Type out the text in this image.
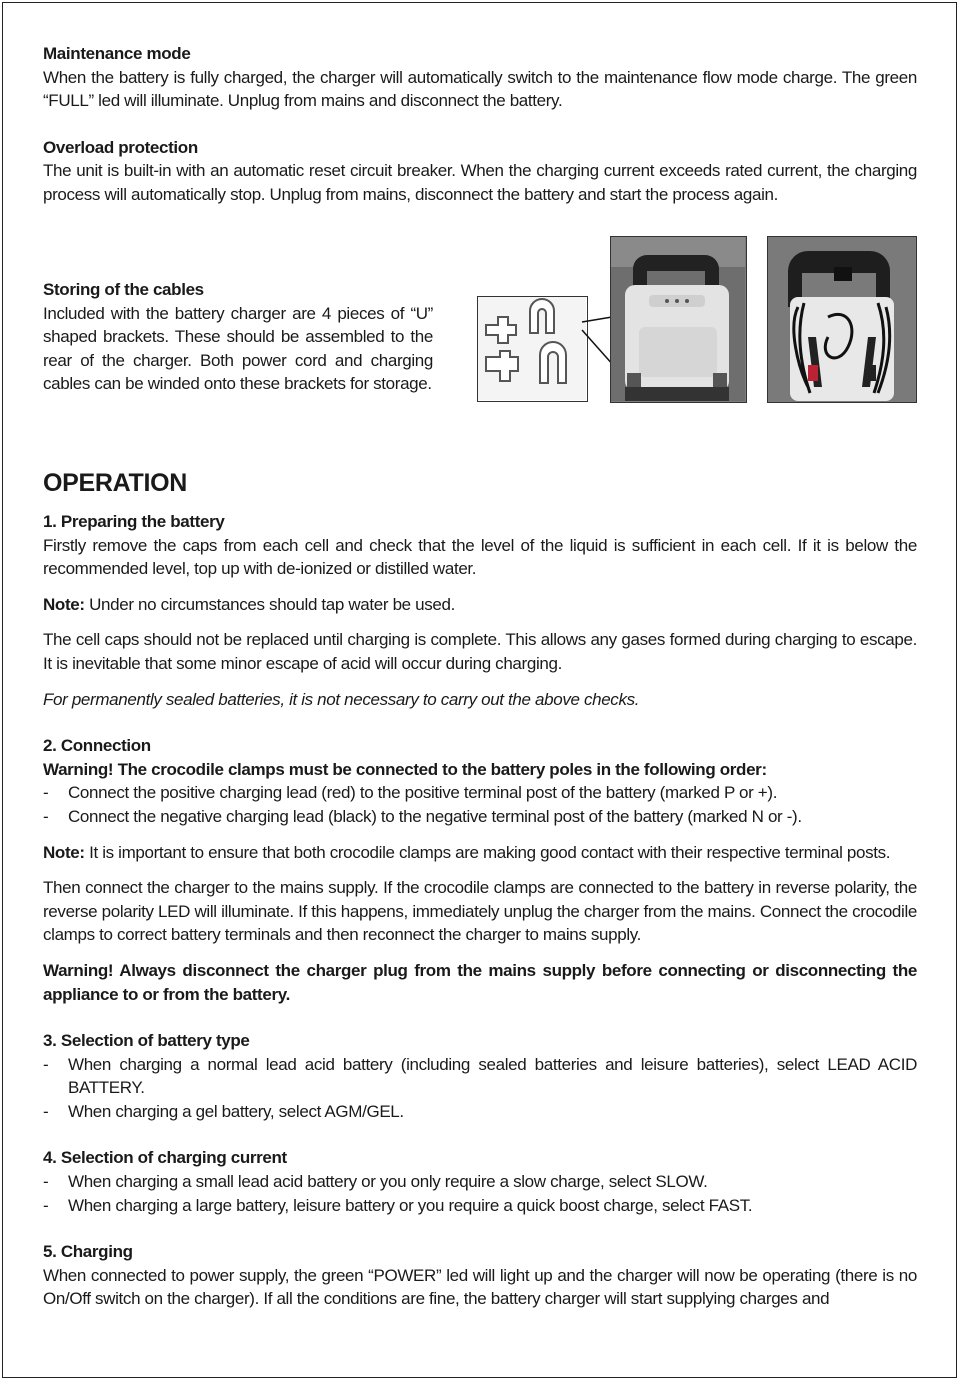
Maintenance mode

When the battery is fully charged, the charger will automatically switch to the maintenance flow mode charge. The green “FULL” led will illuminate. Unplug from mains and disconnect the battery.

Overload protection

The unit is built-in with an automatic reset circuit breaker. When the charging current exceeds rated current, the charging process will automatically stop. Unplug from mains, disconnect the battery and start the process again.

Storing of the cables

Included with the battery charger are 4 pieces of “U” shaped brackets. These should be assembled to the rear of the charger. Both power cord and charging cables can be winded onto these brackets for storage.

OPERATION
1. Preparing the battery

Firstly remove the caps from each cell and check that the level of the liquid is sufficient in each cell. If it is below the recommended level, top up with de-ionized or distilled water.

Note: Under no circumstances should tap water be used.

The cell caps should not be replaced until charging is complete. This allows any gases formed during charging to escape. It is inevitable that some minor escape of acid will occur during charging.

For permanently sealed batteries, it is not necessary to carry out the above checks.

2. Connection

Warning! The crocodile clamps must be connected to the battery poles in the following order:

- Connect the positive charging lead (red) to the positive terminal post of the battery (marked P or +).
- Connect the negative charging lead (black) to the negative terminal post of the battery (marked N or -).

Note: It is important to ensure that both crocodile clamps are making good contact with their respective terminal posts.

Then connect the charger to the mains supply. If the crocodile clamps are connected to the battery in reverse polarity, the reverse polarity LED will illuminate. If this happens, immediately unplug the charger from the mains. Connect the crocodile clamps to correct battery terminals and then reconnect the charger to mains supply.

Warning! Always disconnect the charger plug from the mains supply before connecting or disconnecting the appliance to or from the battery.

3. Selection of battery type
- When charging a normal lead acid battery (including sealed batteries and leisure batteries), select LEAD ACID BATTERY.
- When charging a gel battery, select AGM/GEL.
4. Selection of charging current
- When charging a small lead acid battery or you only require a slow charge, select SLOW.
- When charging a large battery, leisure battery or you require a quick boost charge, select FAST.
5. Charging

When connected to power supply, the green “POWER” led will light up and the charger will now be operating (there is no On/Off switch on the charger). If all the conditions are fine, the battery charger will start supplying charges and
